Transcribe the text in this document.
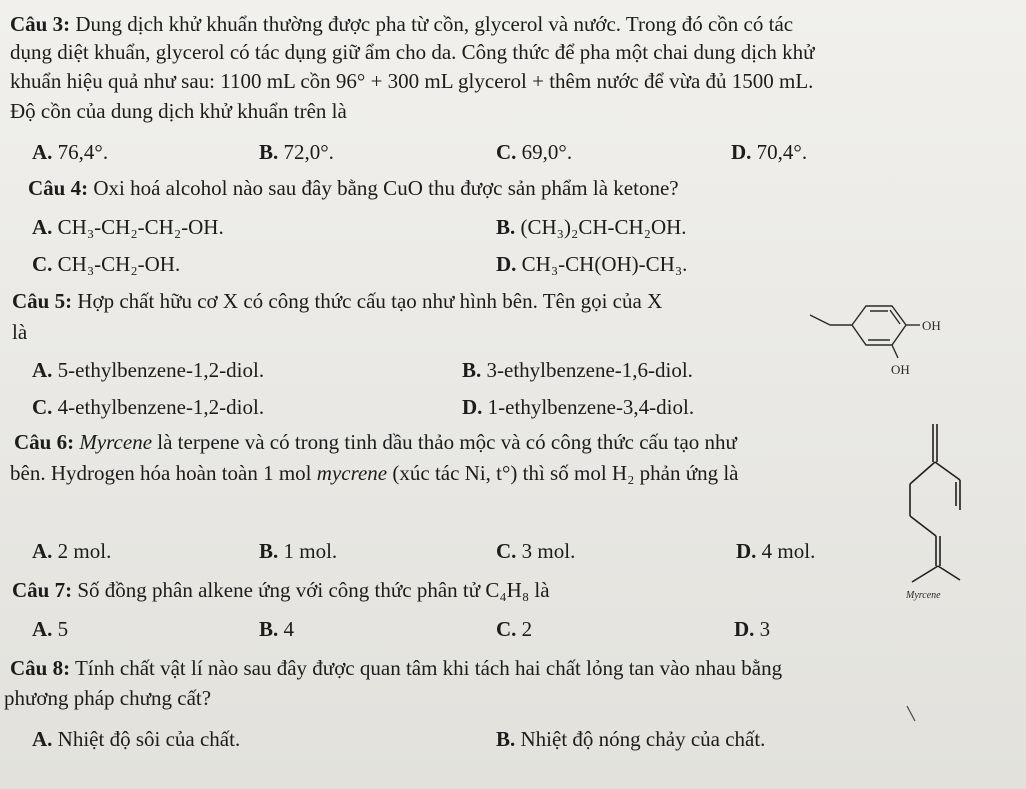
Câu 3: Dung dịch khử khuẩn thường được pha từ cồn, glycerol và nước. Trong đó cồn có tác
dụng diệt khuẩn, glycerol có tác dụng giữ ẩm cho da. Công thức để pha một chai dung dịch khử
khuẩn hiệu quả như sau: 1100 mL cồn 96° + 300 mL glycerol + thêm nước để vừa đủ 1500 mL.
Độ cồn của dung dịch khử khuẩn trên là
A. 76,4°.	B. 72,0°.	C. 69,0°.	D. 70,4°.
Câu 4: Oxi hoá alcohol nào sau đây bằng CuO thu được sản phẩm là ketone?
A. CH₃-CH₂-CH₂-OH.	B. (CH₃)₂CH-CH₂OH.
C. CH₃-CH₂-OH.	D. CH₃-CH(OH)-CH₃.
Câu 5: Hợp chất hữu cơ X có công thức cấu tạo như hình bên. Tên gọi của X
là
A. 5-ethylbenzene-1,2-diol.	B. 3-ethylbenzene-1,6-diol.
C. 4-ethylbenzene-1,2-diol.	D. 1-ethylbenzene-3,4-diol.
OH
OH
Câu 6: Myrcene là terpene và có trong tinh dầu thảo mộc và có công thức cấu tạo như
bên. Hydrogen hóa hoàn toàn 1 mol mycrene (xúc tác Ni, t°) thì số mol H₂ phản ứng là
A. 2 mol.	B. 1 mol.	C. 3 mol.	D. 4 mol.
Myrcene
Câu 7: Số đồng phân alkene ứng với công thức phân tử C₄H₈ là
A. 5	B. 4	C. 2	D. 3
Câu 8: Tính chất vật lí nào sau đây được quan tâm khi tách hai chất lỏng tan vào nhau bằng
phương pháp chưng cất?
A. Nhiệt độ sôi của chất.	B. Nhiệt độ nóng chảy của chất.
